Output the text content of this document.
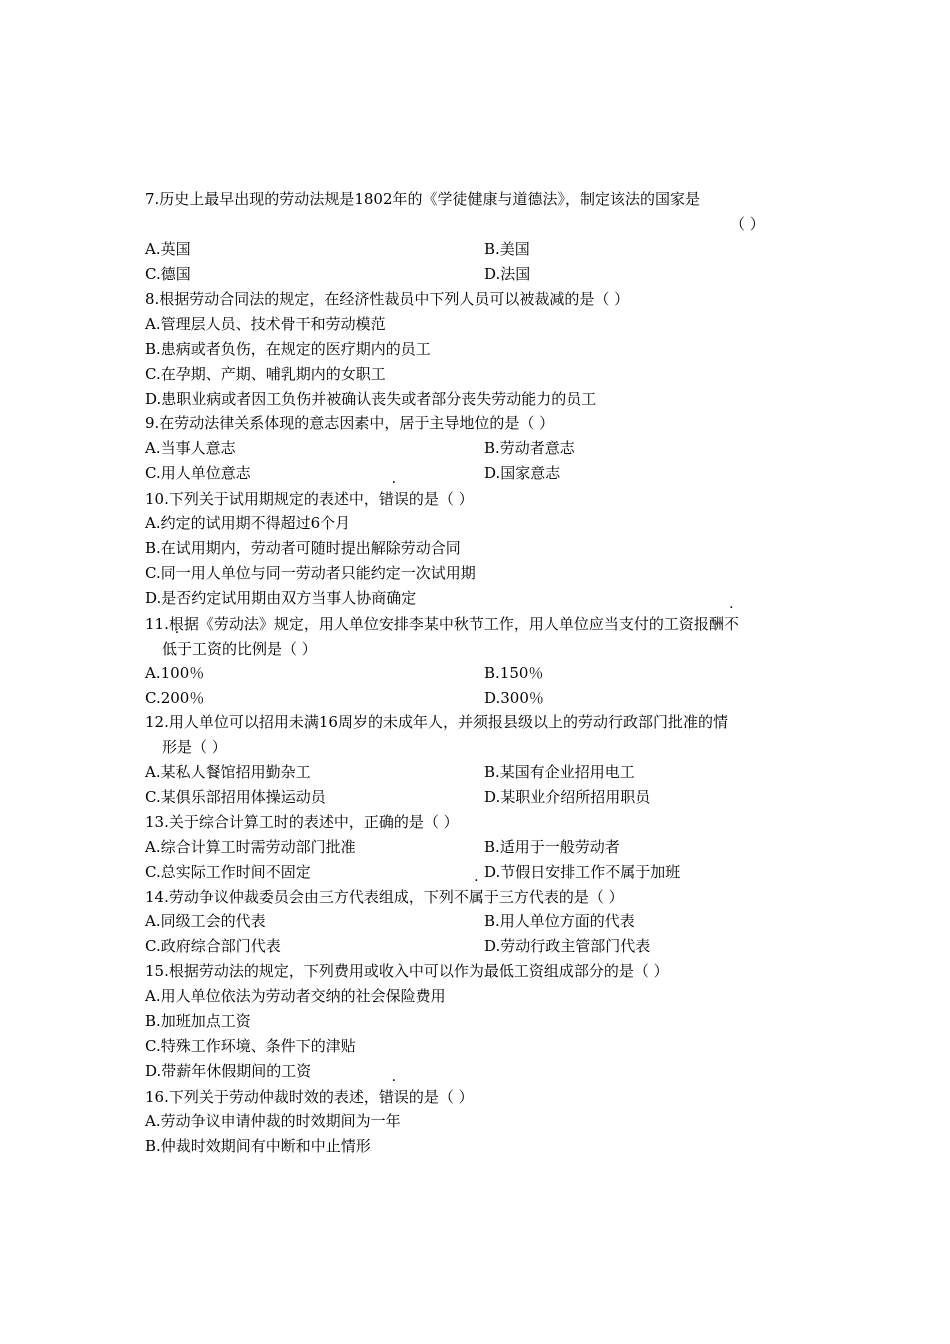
7.历史上最早出现的劳动法规是1802年的《学徒健康与道德法》，制定该法的国家是
（ ）
A.英国	B.美国
C.德国	D.法国
8.根据劳动合同法的规定，在经济性裁员中下列人员可以被裁减的是（ ）
A.管理层人员、技术骨干和劳动模范
B.患病或者负伤，在规定的医疗期内的员工
C.在孕期、产期、哺乳期内的女职工
D.患职业病或者因工负伤并被确认丧失或者部分丧失劳动能力的员工
9.在劳动法律关系体现的意志因素中，居于主导地位的是（ ）
A.当事人意志	B.劳动者意志
C.用人单位意志	D.国家意志
10.下列关于试用期规定的表述中，错误的是（ ）
A.约定的试用期不得超过6个月
B.在试用期内，劳动者可随时提出解除劳动合同
C.同一用人单位与同一劳动者只能约定一次试用期
D.是否约定试用期由双方当事人协商确定
11.根据《劳动法》规定，用人单位安排李某中秋节工作，用人单位应当支付的工资报酬不
低于工资的比例是（ ）
A.100％	B.150％
C.200％	D.300％
12.用人单位可以招用未满16周岁的未成年人，并须报县级以上的劳动行政部门批准的情
形是（ ）
A.某私人餐馆招用勤杂工	B.某国有企业招用电工
C.某俱乐部招用体操运动员	D.某职业介绍所招用职员
13.关于综合计算工时的表述中，正确的是（ ）
A.综合计算工时需劳动部门批准	B.适用于一般劳动者
C.总实际工作时间不固定	D.节假日安排工作不属于加班
14.劳动争议仲裁委员会由三方代表组成，下列不属于三方代表的是（ ）
A.同级工会的代表	B.用人单位方面的代表
C.政府综合部门代表	D.劳动行政主管部门代表
15.根据劳动法的规定，下列费用或收入中可以作为最低工资组成部分的是（ ）
A.用人单位依法为劳动者交纳的社会保险费用
B.加班加点工资
C.特殊工作环境、条件下的津贴
D.带薪年休假期间的工资
16.下列关于劳动仲裁时效的表述，错误的是（ ）
A.劳动争议申请仲裁的时效期间为一年
B.仲裁时效期间有中断和中止情形
